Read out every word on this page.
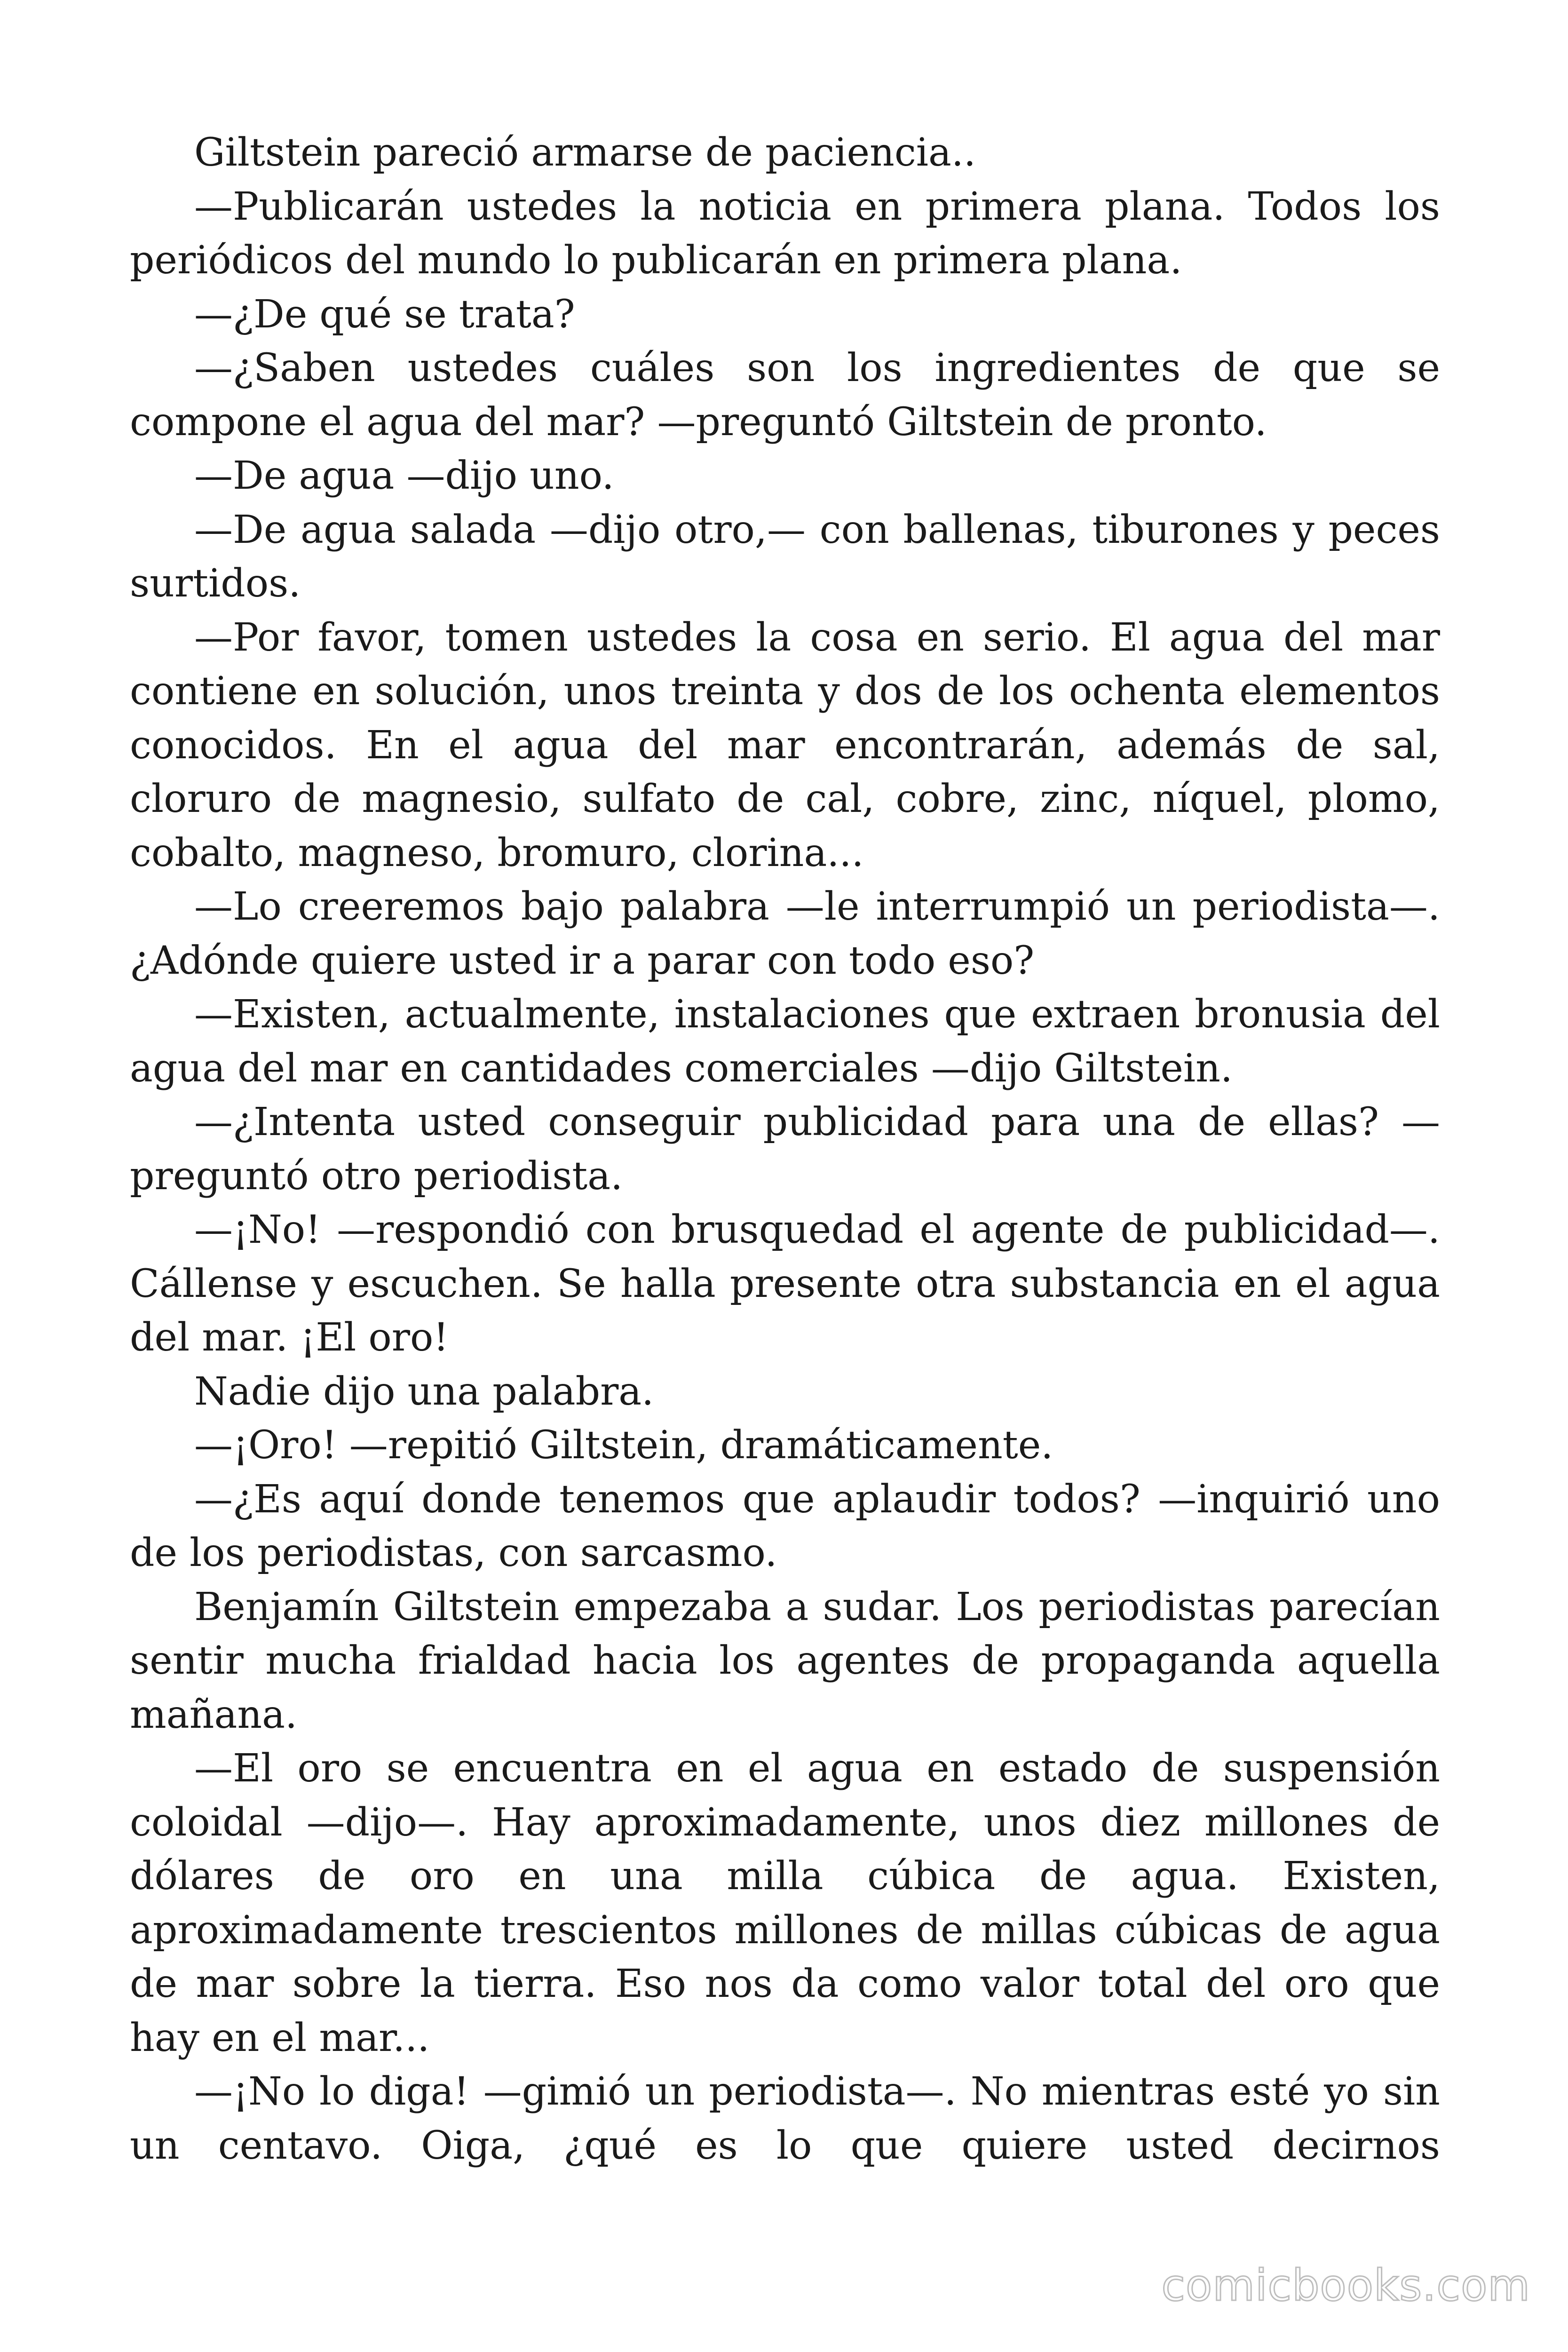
Giltstein pareció armarse de paciencia..

—Publicarán ustedes la noticia en primera plana. Todos los periódicos del mundo lo publicarán en primera plana.

—¿De qué se trata?

—¿Saben ustedes cuáles son los ingredientes de que se compone el agua del mar? —preguntó Giltstein de pronto.

—De agua —dijo uno.

—De agua salada —dijo otro,— con ballenas, tiburones y peces surtidos.

—Por favor, tomen ustedes la cosa en serio. El agua del mar contiene en solución, unos treinta y dos de los ochenta elementos conocidos. En el agua del mar encontrarán, además de sal, cloruro de magnesio, sulfato de cal, cobre, zinc, níquel, plomo, cobalto, magneso, bromuro, clorina...

—Lo creeremos bajo palabra —le interrumpió un periodista—. ¿Adónde quiere usted ir a parar con todo eso?

—Existen, actualmente, instalaciones que extraen bronusia del agua del mar en cantidades comerciales —dijo Giltstein.

—¿Intenta usted conseguir publicidad para una de ellas? —preguntó otro periodista.

—¡No! —respondió con brusquedad el agente de publicidad—. Cállense y escuchen. Se halla presente otra substancia en el agua del mar. ¡El oro!

Nadie dijo una palabra.

—¡Oro! —repitió Giltstein, dramáticamente.

—¿Es aquí donde tenemos que aplaudir todos? —inquirió uno de los periodistas, con sarcasmo.

Benjamín Giltstein empezaba a sudar. Los periodistas parecían sentir mucha frialdad hacia los agentes de propaganda aquella mañana.

—El oro se encuentra en el agua en estado de suspensión coloidal —dijo—. Hay aproximadamente, unos diez millones de dólares de oro en una milla cúbica de agua. Existen, aproximadamente trescientos millones de millas cúbicas de agua de mar sobre la tierra. Eso nos da como valor total del oro que hay en el mar...

—¡No lo diga! —gimió un periodista—. No mientras esté yo sin un centavo. Oiga, ¿qué es lo que quiere usted decirnos

comicbooks.com
